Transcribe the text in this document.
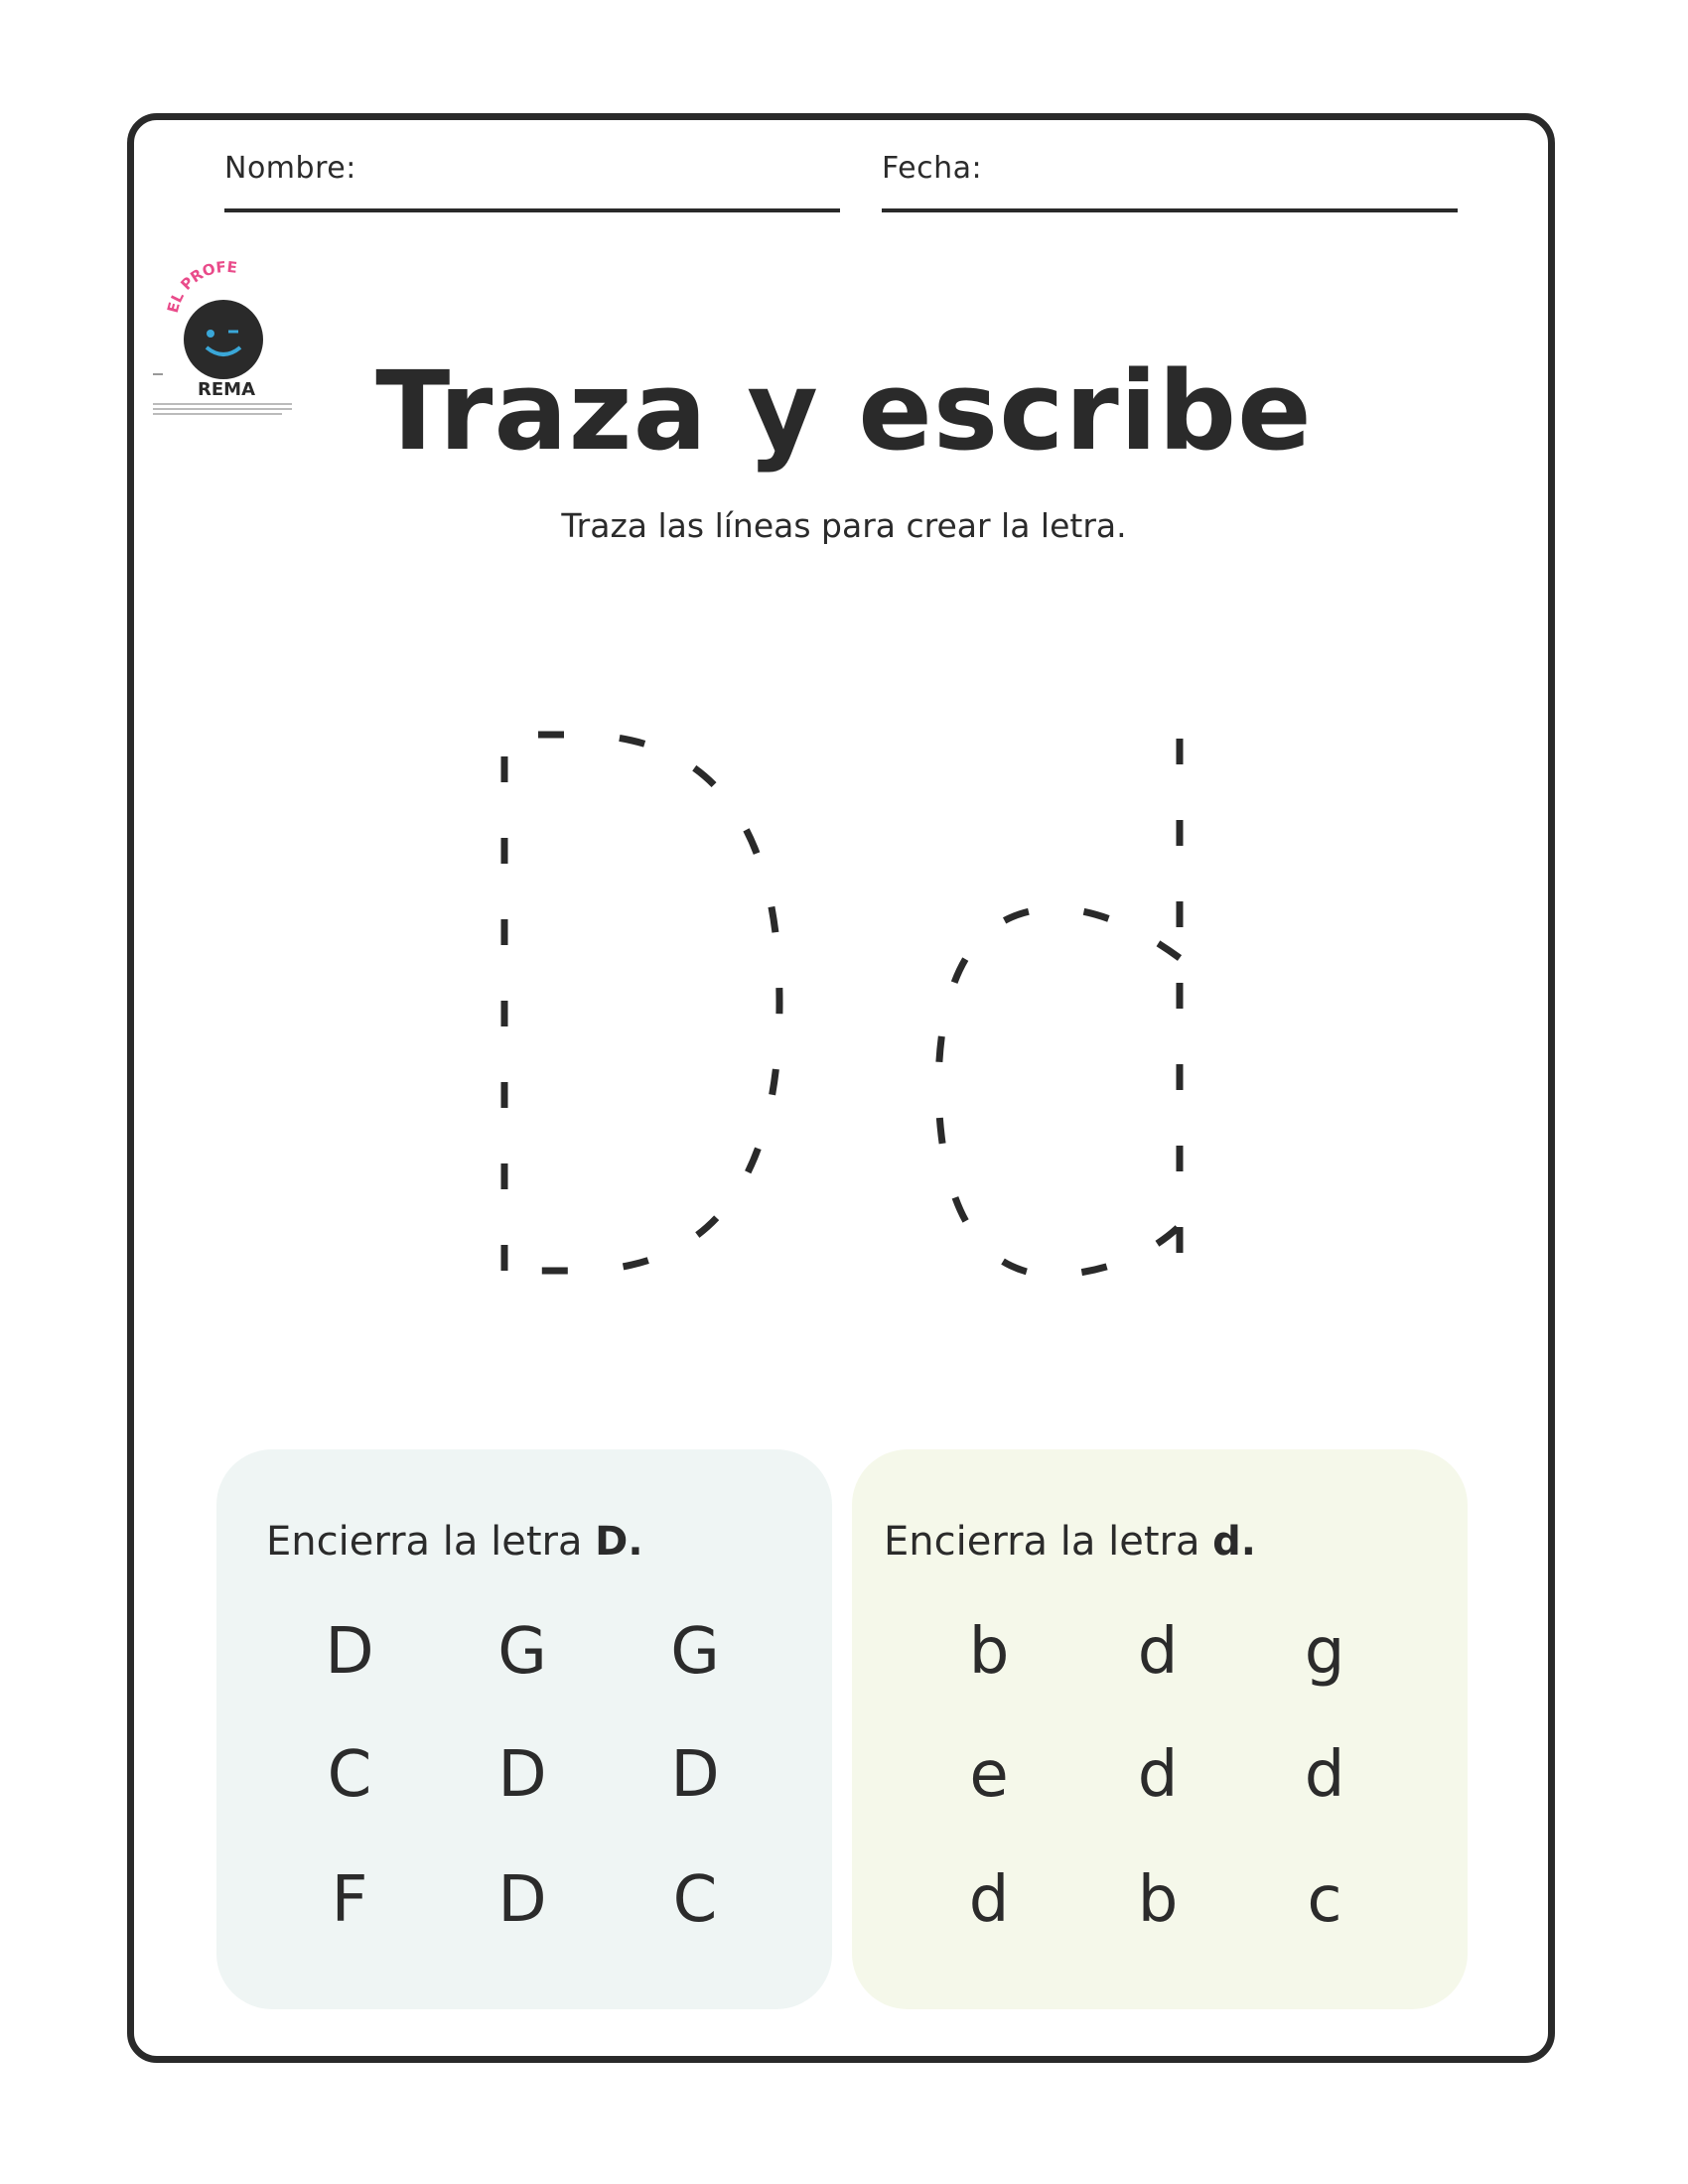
Nombre:	Fecha:
EL PROFE
REMA	Traza y escribe
Traza las líneas para crear la letra.
Encierra la letra D.
D	G	G
C	D	D
F	D	C
Encierra la letra d.
b	d	g
e	d	d
d	b	c
